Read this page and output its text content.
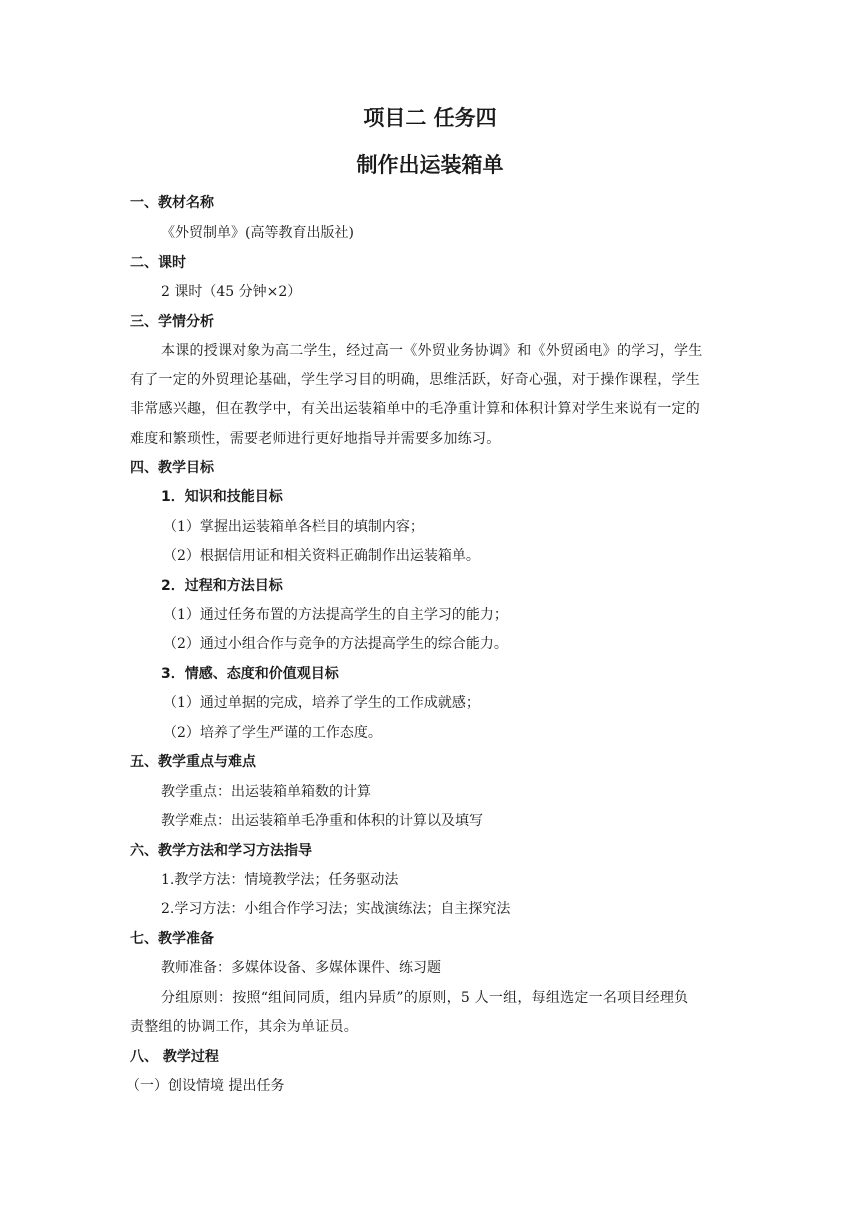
项目二 任务四
制作出运装箱单
一、教材名称
《外贸制单》(高等教育出版社)
二、课时
2 课时（45 分钟×2）
三、学情分析
本课的授课对象为高二学生，经过高一《外贸业务协调》和《外贸函电》的学习，学生
有了一定的外贸理论基础，学生学习目的明确，思维活跃，好奇心强，对于操作课程，学生
非常感兴趣，但在教学中，有关出运装箱单中的毛净重计算和体积计算对学生来说有一定的
难度和繁琐性，需要老师进行更好地指导并需要多加练习。
四、教学目标
1．知识和技能目标
（1）掌握出运装箱单各栏目的填制内容；
（2）根据信用证和相关资料正确制作出运装箱单。
2．过程和方法目标
（1）通过任务布置的方法提高学生的自主学习的能力；
（2）通过小组合作与竞争的方法提高学生的综合能力。
3．情感、态度和价值观目标
（1）通过单据的完成，培养了学生的工作成就感；
（2）培养了学生严谨的工作态度。
五、教学重点与难点
教学重点：出运装箱单箱数的计算
教学难点：出运装箱单毛净重和体积的计算以及填写
六、教学方法和学习方法指导
1.教学方法：情境教学法；任务驱动法
2.学习方法：小组合作学习法；实战演练法；自主探究法
七、教学准备
教师准备：多媒体设备、多媒体课件、练习题
分组原则：按照“组间同质，组内异质”的原则，5 人一组，每组选定一名项目经理负
责整组的协调工作，其余为单证员。
八、 教学过程
（一）创设情境 提出任务
